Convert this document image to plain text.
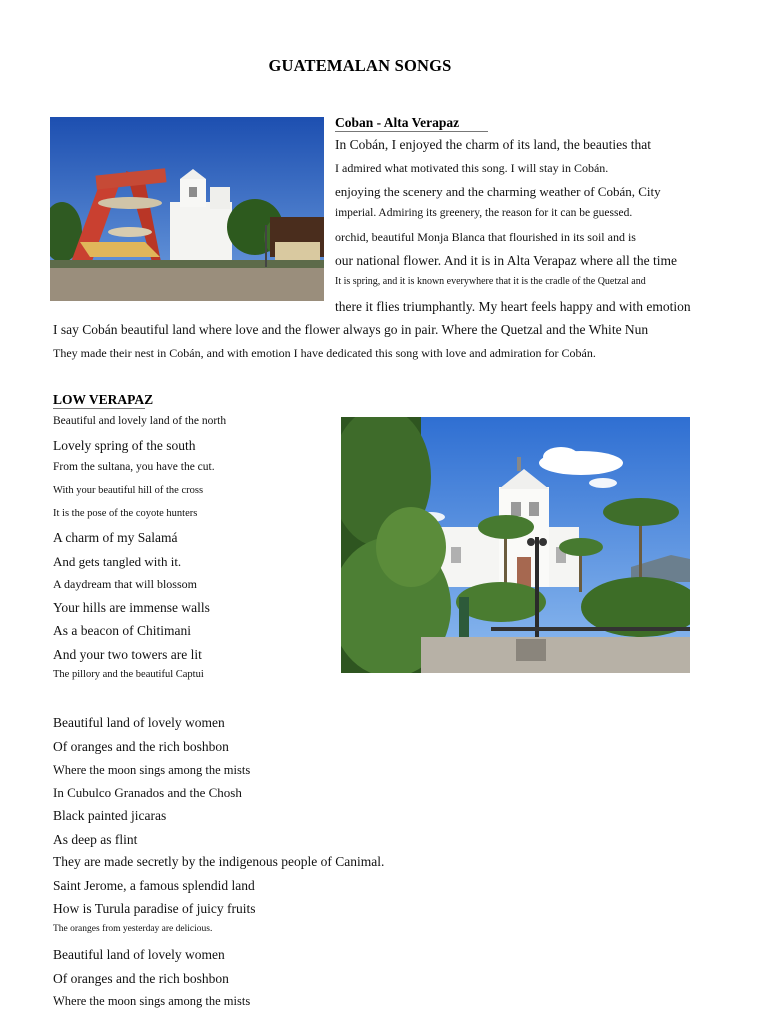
GUATEMALAN SONGS
Coban - Alta Verapaz
In Cobán, I enjoyed the charm of its land, the beauties that
I admired what motivated this song. I will stay in Cobán.
enjoying the scenery and the charming weather of Cobán, City
imperial. Admiring its greenery, the reason for it can be guessed.
orchid, beautiful Monja Blanca that flourished in its soil and is
our national flower. And it is in Alta Verapaz where all the time
It is spring, and it is known everywhere that it is the cradle of the Quetzal and
there it flies triumphantly. My heart feels happy and with emotion
I say Cobán beautiful land where love and the flower always go in pair. Where the Quetzal and the White Nun
They made their nest in Cobán, and with emotion I have dedicated this song with love and admiration for Cobán.
LOW VERAPAZ
Beautiful and lovely land of the north
Lovely spring of the south
From the sultana, you have the cut.
With your beautiful hill of the cross
It is the pose of the coyote hunters
A charm of my Salamá
And gets tangled with it.
A daydream that will blossom
Your hills are immense walls
As a beacon of Chitimani
And your two towers are lit
The pillory and the beautiful Captui
Beautiful land of lovely women
Of oranges and the rich boshbon
Where the moon sings among the mists
In Cubulco Granados and the Chosh
Black painted jicaras
As deep as flint
They are made secretly by the indigenous people of Canimal.
Saint Jerome, a famous splendid land
How is Turula paradise of juicy fruits
The oranges from yesterday are delicious.
Beautiful land of lovely women
Of oranges and the rich boshbon
Where the moon sings among the mists
